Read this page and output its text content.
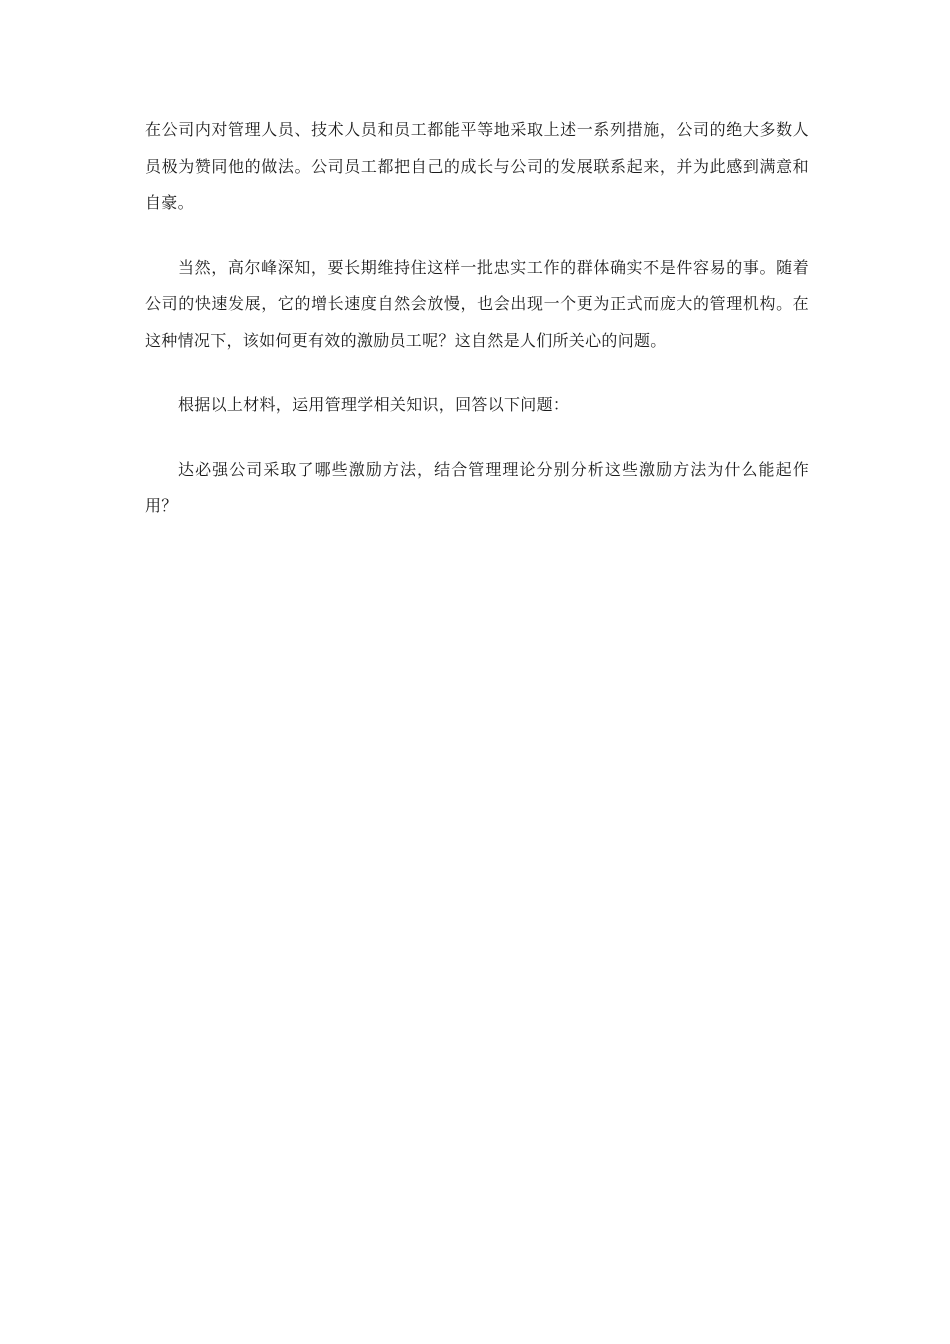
在公司内对管理人员、技术人员和员工都能平等地采取上述一系列措施，公司的绝大多数人员极为赞同他的做法。公司员工都把自己的成长与公司的发展联系起来，并为此感到满意和自豪。

当然，高尔峰深知，要长期维持住这样一批忠实工作的群体确实不是件容易的事。随着公司的快速发展，它的增长速度自然会放慢，也会出现一个更为正式而庞大的管理机构。在这种情况下，该如何更有效的激励员工呢？这自然是人们所关心的问题。

根据以上材料，运用管理学相关知识，回答以下问题：

达必强公司采取了哪些激励方法，结合管理理论分别分析这些激励方法为什么能起作用？
